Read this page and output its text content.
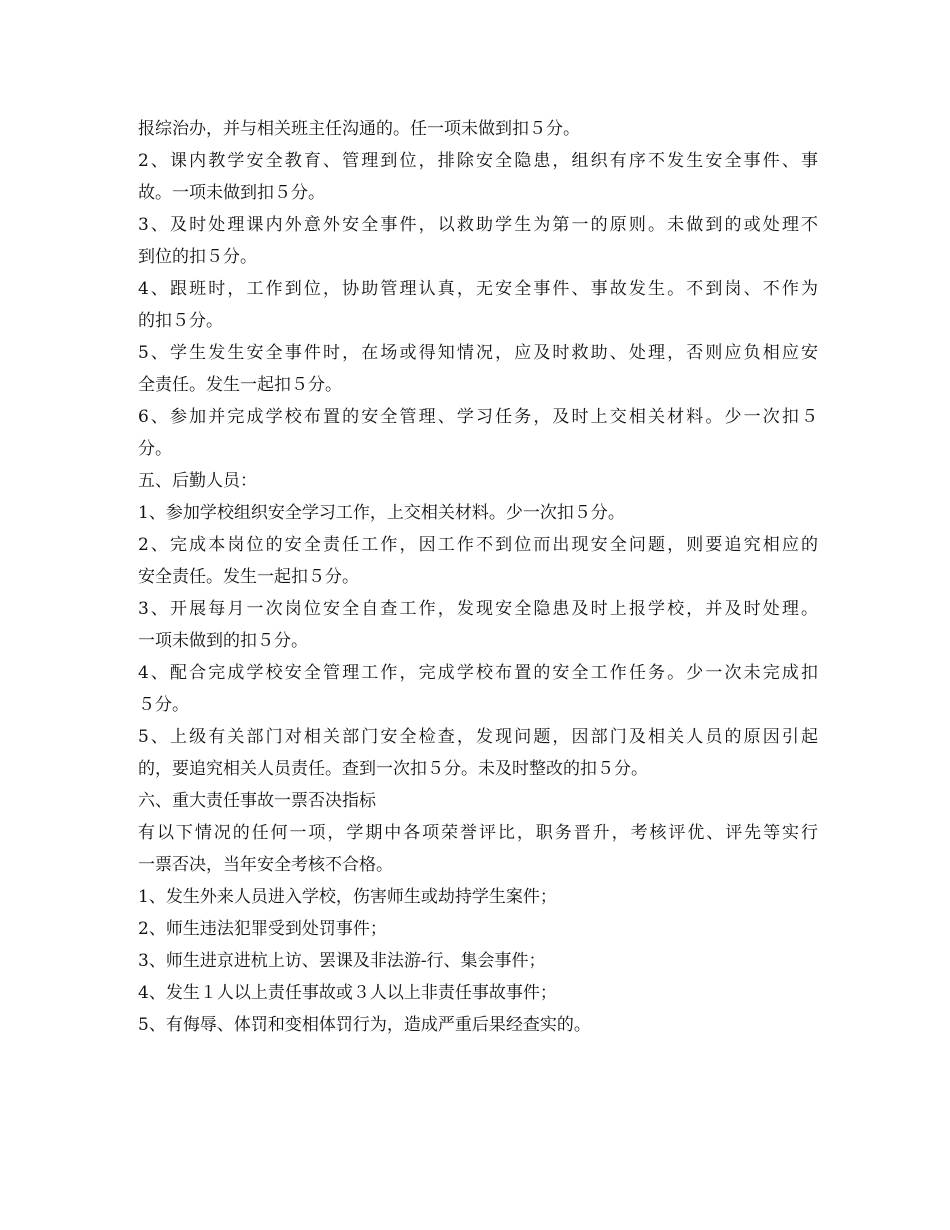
报综治办，并与相关班主任沟通的。任一项未做到扣５分。
2、课内教学安全教育、管理到位，排除安全隐患，组织有序不发生安全事件、事
故。一项未做到扣５分。
3、及时处理课内外意外安全事件，以救助学生为第一的原则。未做到的或处理不
到位的扣５分。
4、跟班时，工作到位，协助管理认真，无安全事件、事故发生。不到岗、不作为
的扣５分。
5、学生发生安全事件时，在场或得知情况，应及时救助、处理，否则应负相应安
全责任。发生一起扣５分。
6、参加并完成学校布置的安全管理、学习任务，及时上交相关材料。少一次扣５
分。
五、后勤人员：
1、参加学校组织安全学习工作，上交相关材料。少一次扣５分。
2、完成本岗位的安全责任工作，因工作不到位而出现安全问题，则要追究相应的
安全责任。发生一起扣５分。
3、开展每月一次岗位安全自查工作，发现安全隐患及时上报学校，并及时处理。
一项未做到的扣５分。
4、配合完成学校安全管理工作，完成学校布置的安全工作任务。少一次未完成扣
５分。
5、上级有关部门对相关部门安全检查，发现问题，因部门及相关人员的原因引起
的，要追究相关人员责任。查到一次扣５分。未及时整改的扣５分。
六、重大责任事故一票否决指标
有以下情况的任何一项，学期中各项荣誉评比，职务晋升，考核评优、评先等实行
一票否决，当年安全考核不合格。
1、发生外来人员进入学校，伤害师生或劫持学生案件；
2、师生违法犯罪受到处罚事件；
3、师生进京进杭上访、罢课及非法游-行、集会事件；
4、发生１人以上责任事故或３人以上非责任事故事件；
5、有侮辱、体罚和变相体罚行为，造成严重后果经查实的。
